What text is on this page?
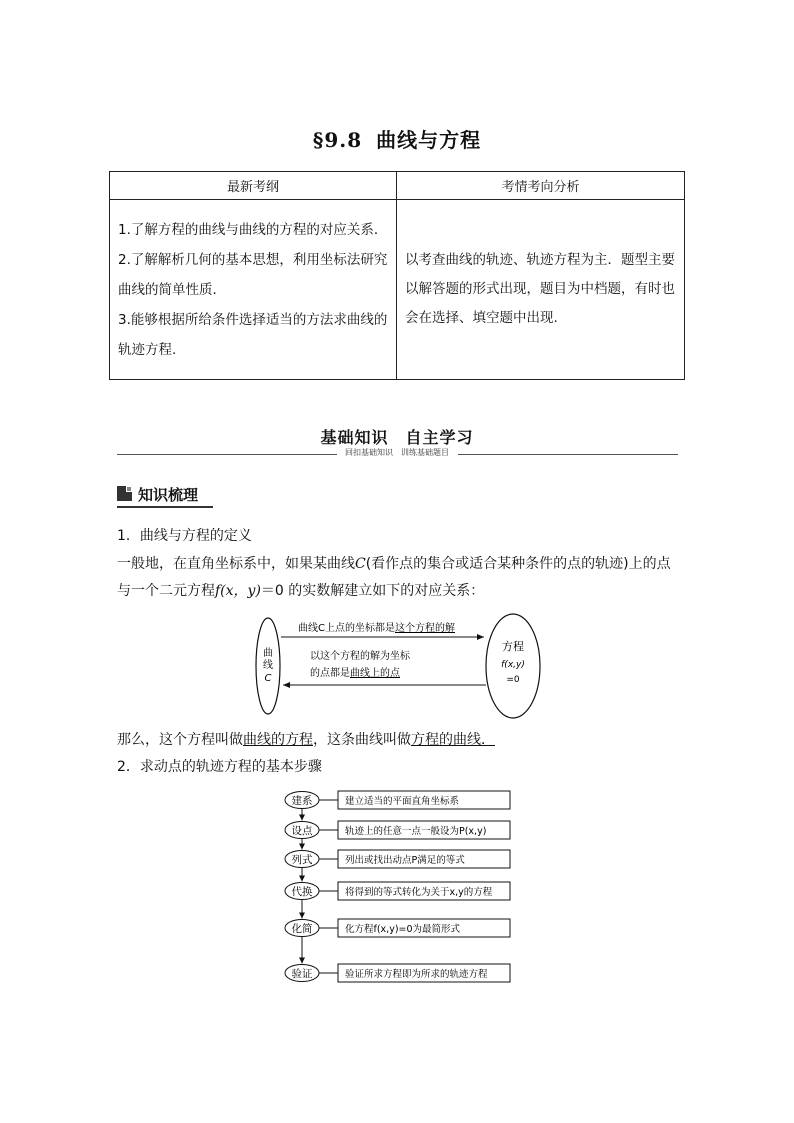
§9.8 曲线与方程
最新考纲	考情考向分析

1.了解方程的曲线与曲线的方程的对应关系．
2.了解解析几何的基本思想，利用坐标法研究曲线的简单性质．
3.能够根据所给条件选择适当的方法求曲线的轨迹方程.	以考查曲线的轨迹、轨迹方程为主．题型主要以解答题的形式出现，题目为中档题，有时也会在选择、填空题中出现.
基础知识　自主学习
回扣基础知识　训练基础题目
知识梳理
1．曲线与方程的定义
一般地，在直角坐标系中，如果某曲线C(看作点的集合或适合某种条件的点的轨迹)上的点
与一个二元方程f(x，y)＝0 的实数解建立如下的对应关系：
曲
线
C
方程
f(x,y)
=0
曲线C上点的坐标都是这个方程的解
以这个方程的解为坐标
的点都是曲线上的点
那么，这个方程叫做曲线的方程，这条曲线叫做方程的曲线．
2．求动点的轨迹方程的基本步骤
建系	建立适当的平面直角坐标系
设点	轨迹上的任意一点一般设为P(x,y)
列式	列出或找出动点P满足的等式
代换	将得到的等式转化为关于x,y的方程
化简	化方程f(x,y)=0为最简形式
验证	验证所求方程即为所求的轨迹方程
